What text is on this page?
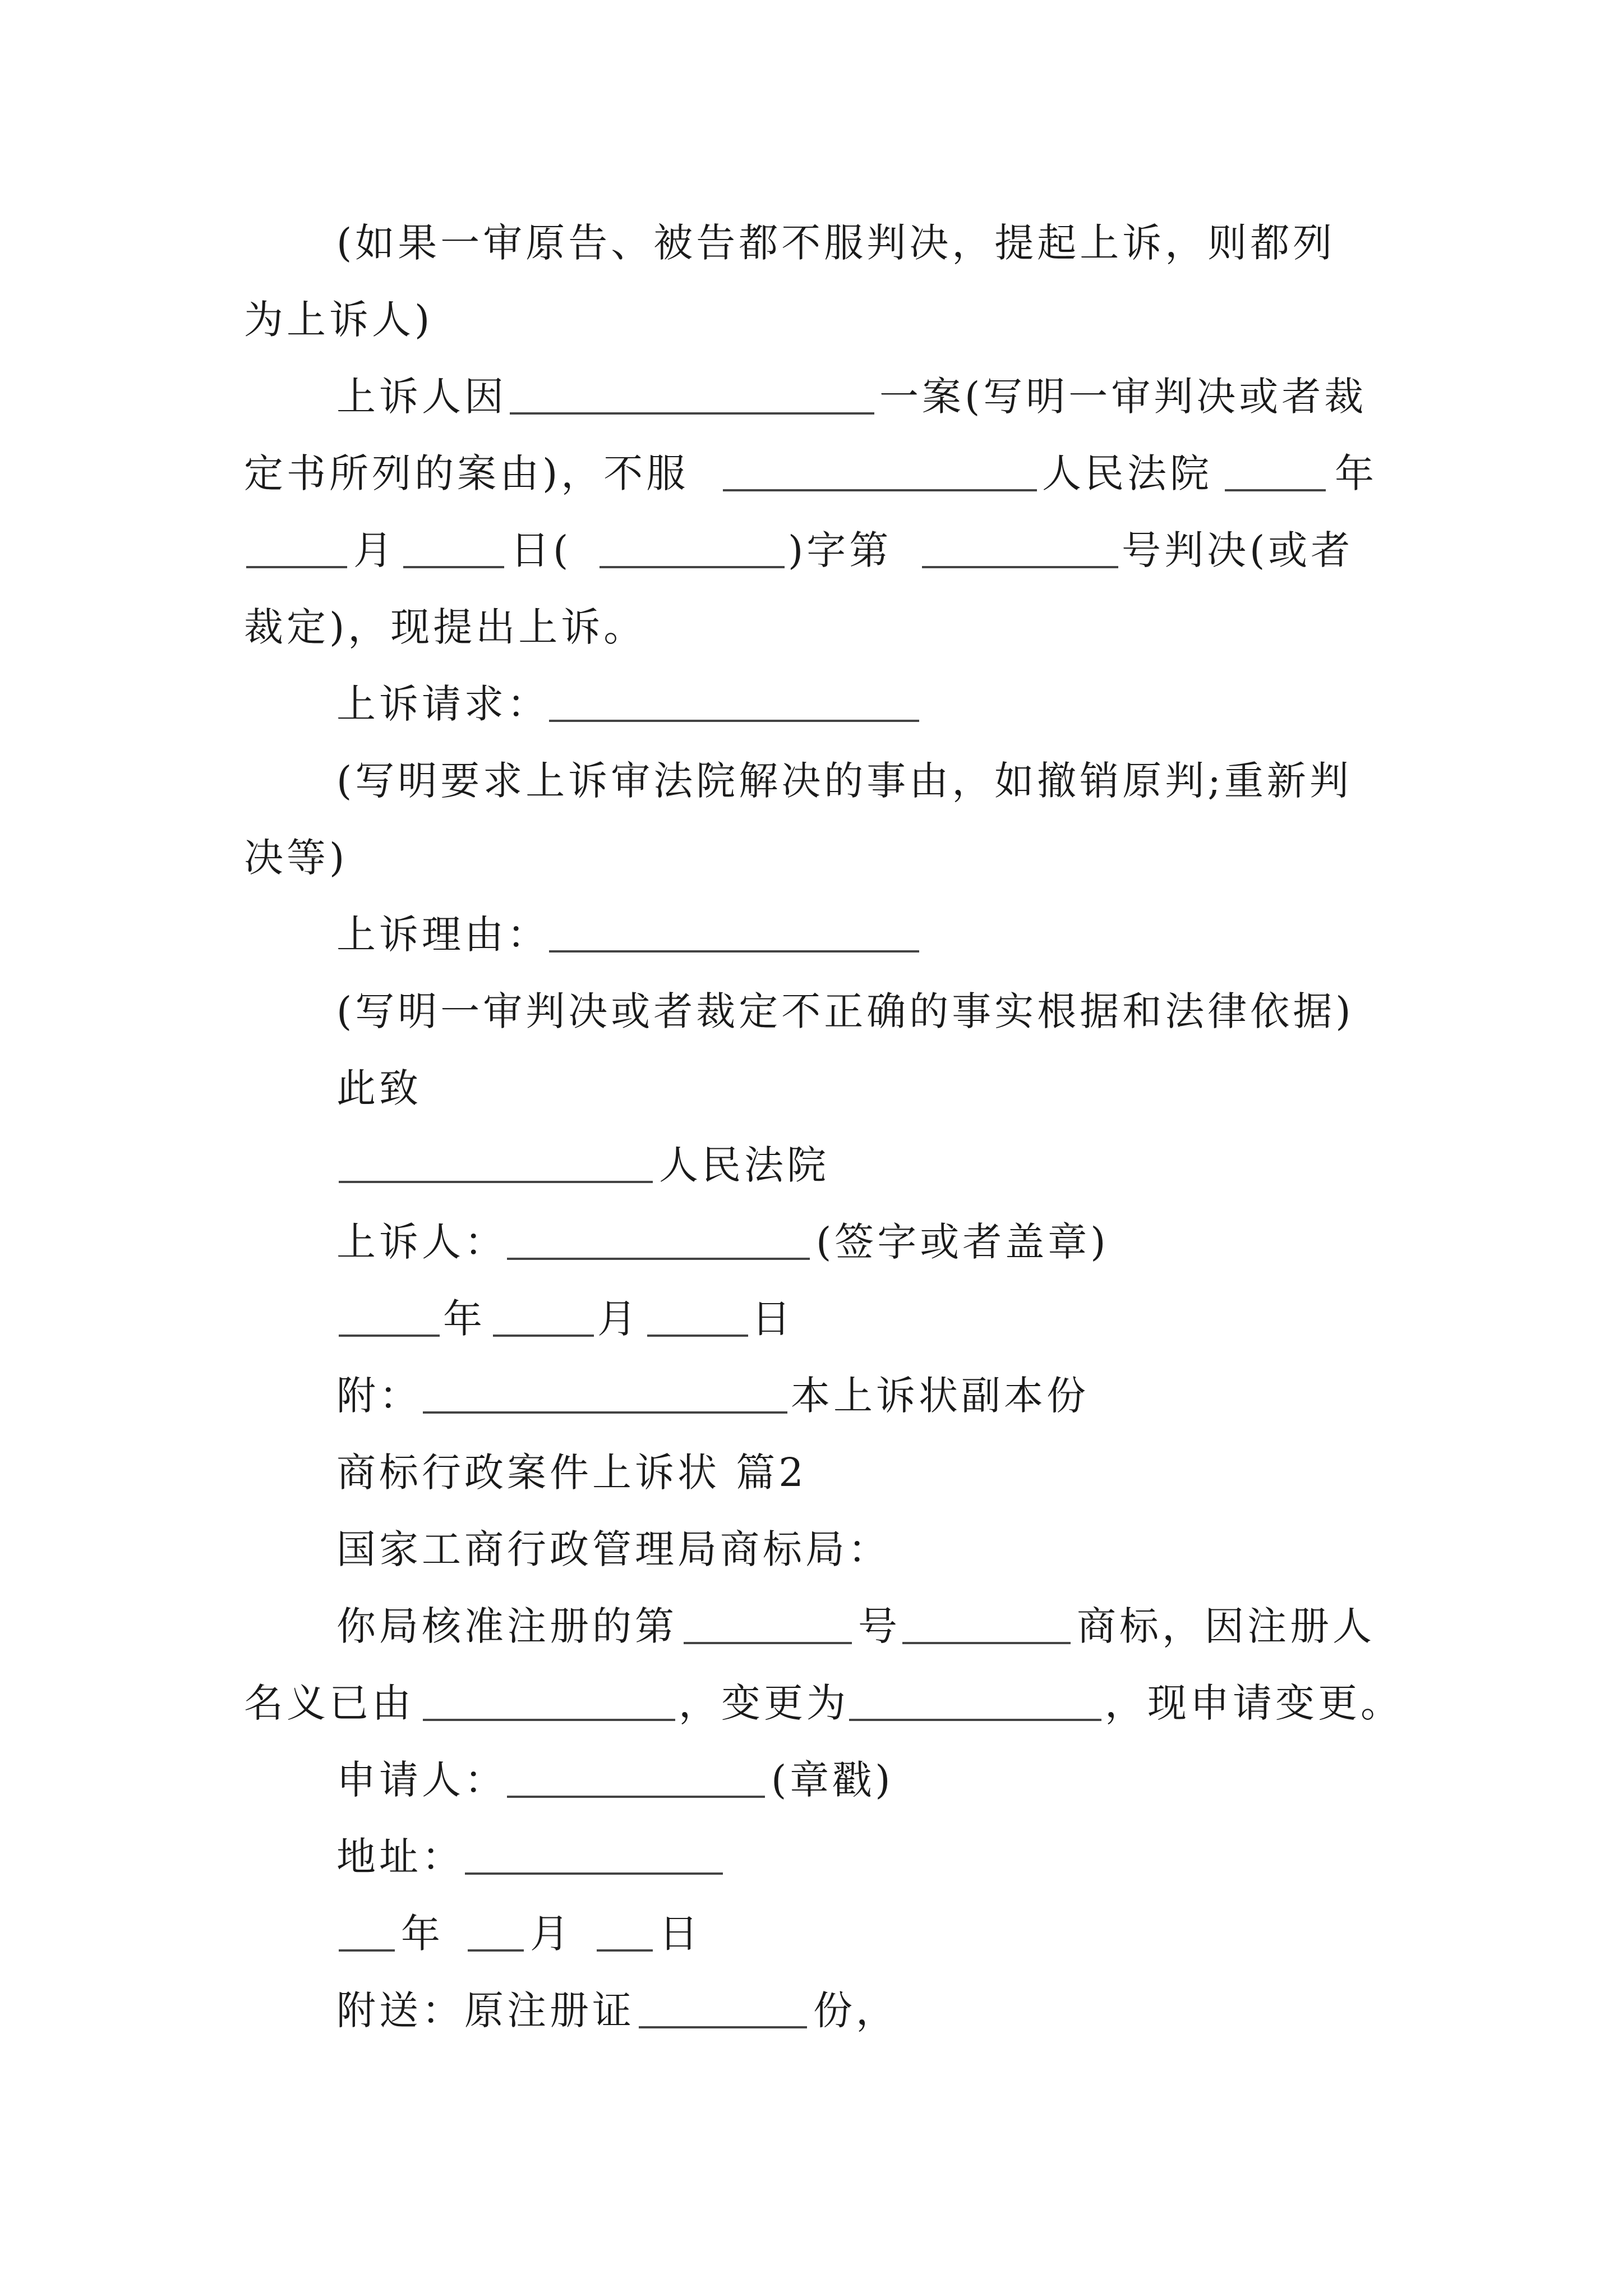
(如果一审原告、被告都不服判决，提起上诉，则都列
为上诉人)
上诉人因	一案(写明一审判决或者裁
定书所列的案由)，不服	人民法院	年
月	日(	)字第	号判决(或者
裁定)，现提出上诉。
上诉请求：
(写明要求上诉审法院解决的事由，如撤销原判;重新判
决等)
上诉理由：
(写明一审判决或者裁定不正确的事实根据和法律依据)
此致
人民法院
上诉人：	(签字或者盖章)
年	月	日
附：	本上诉状副本份
商标行政案件上诉状 篇2
国家工商行政管理局商标局：
你局核准注册的第	号	商标，因注册人
名义已由	，变更为	，现申请变更。
申请人：	(章戳)
地址：
年 月 日
附送：原注册证	份，
